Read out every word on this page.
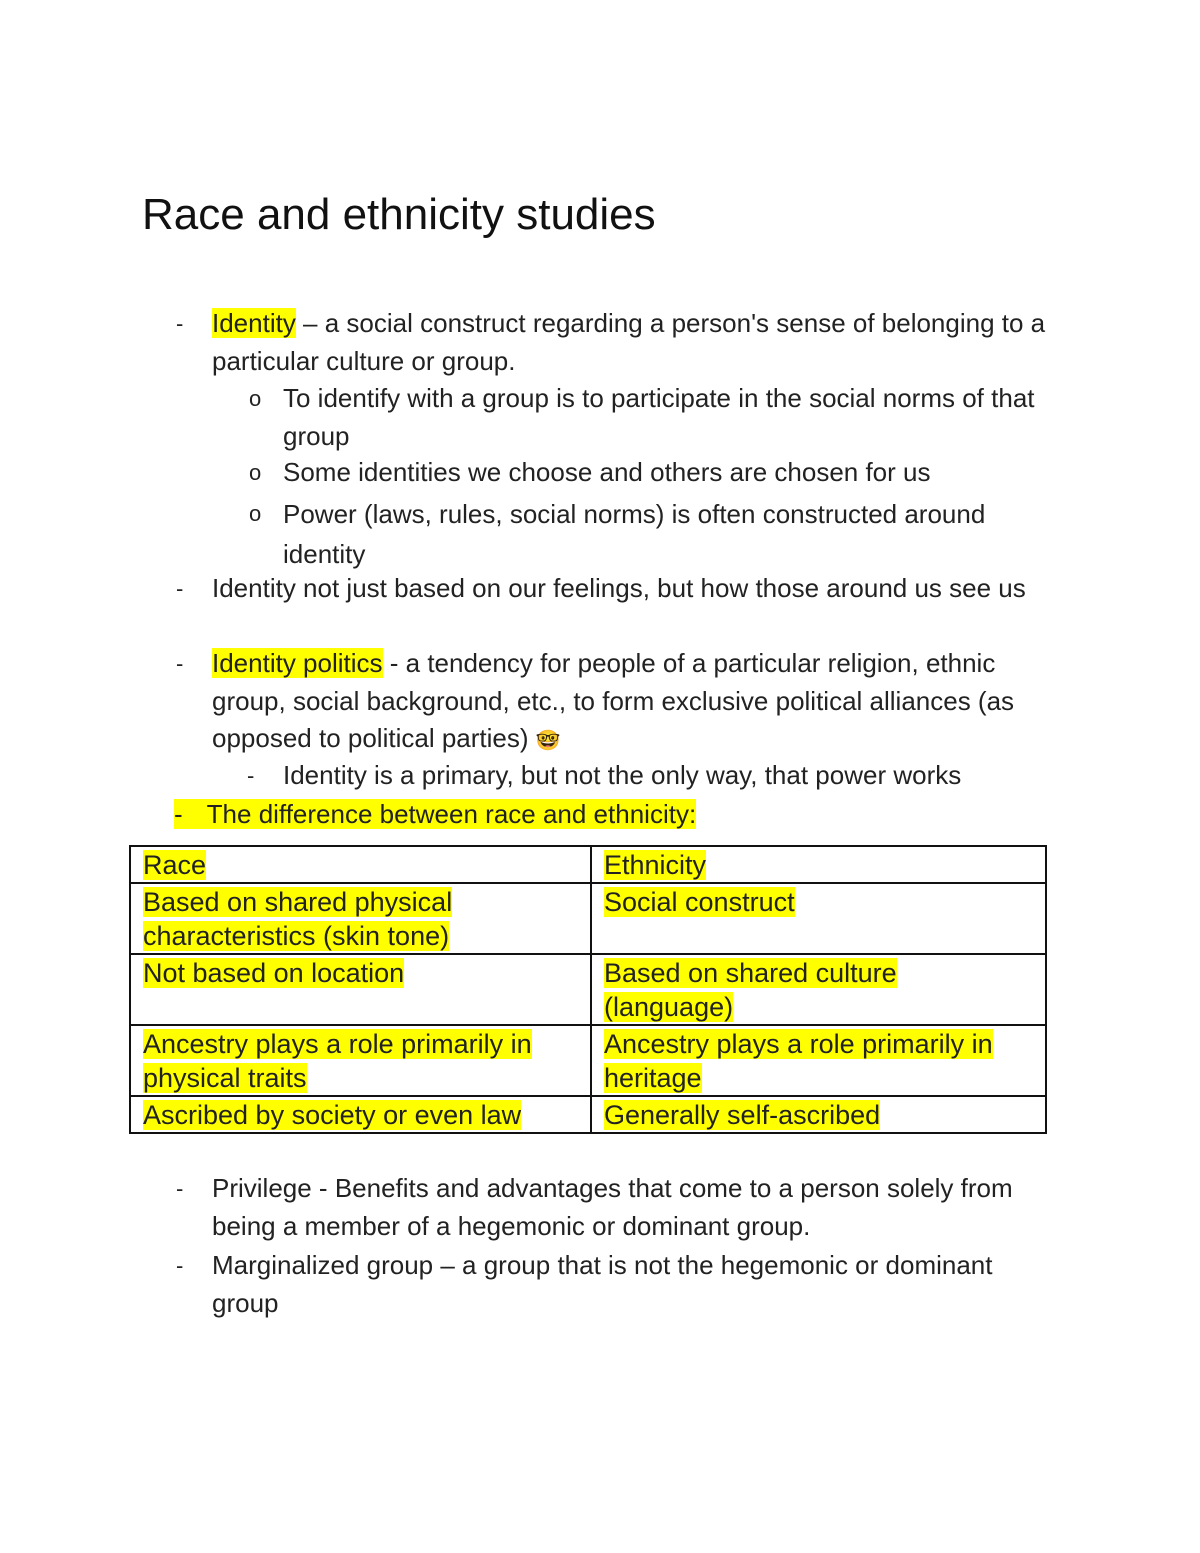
Race and ethnicity studies
-	Identity – a social construct regarding a person's sense of belonging to a particular culture or group.
o To identify with a group is to participate in the social norms of that group
o Some identities we choose and others are chosen for us
o Power (laws, rules, social norms) is often constructed around identity
-	Identity not just based on our feelings, but how those around us see us
-	Identity politics - a tendency for people of a particular religion, ethnic group, social background, etc., to form exclusive political alliances (as opposed to political parties) 🤓
-	Identity is a primary, but not the only way, that power works
- The difference between race and ethnicity:
Race	Ethnicity
Based on shared physical characteristics (skin tone)	Social construct
Not based on location	Based on shared culture (language)
Ancestry plays a role primarily in physical traits	Ancestry plays a role primarily in heritage
Ascribed by society or even law	Generally self-ascribed
-	Privilege - Benefits and advantages that come to a person solely from being a member of a hegemonic or dominant group.
-	Marginalized group – a group that is not the hegemonic or dominant group
